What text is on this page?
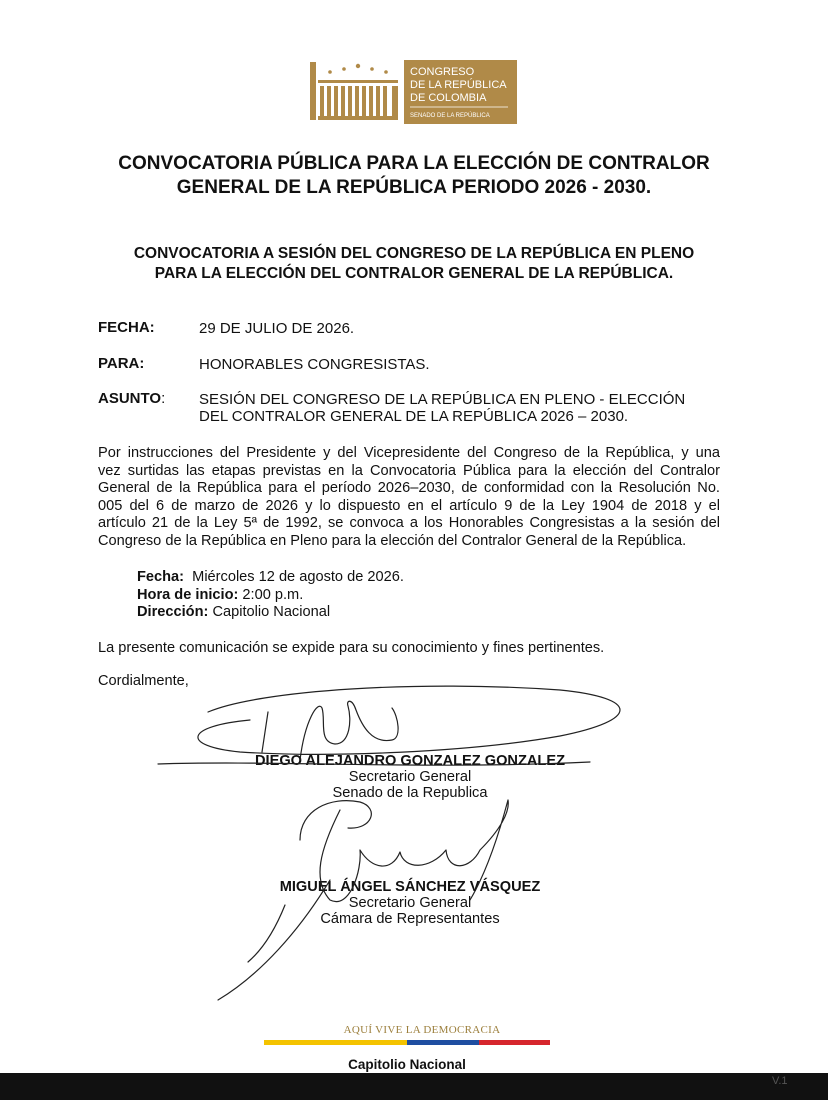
CONGRESO
DE LA REPÚBLICA
DE COLOMBIA
SENADO DE LA REPÚBLICA
CONVOCATORIA PÚBLICA PARA LA ELECCIÓN DE CONTRALOR
GENERAL DE LA REPÚBLICA PERIODO 2026 - 2030.
CONVOCATORIA A SESIÓN DEL CONGRESO DE LA REPÚBLICA EN PLENO
PARA LA ELECCIÓN DEL CONTRALOR GENERAL DE LA REPÚBLICA.
FECHA:	29 DE JULIO DE 2026.
PARA:	HONORABLES CONGRESISTAS.
ASUNTO: SESIÓN DEL CONGRESO DE LA REPÚBLICA EN PLENO - ELECCIÓN
DEL CONTRALOR GENERAL DE LA REPÚBLICA 2026 – 2030.
Por instrucciones del Presidente y del Vicepresidente del Congreso de la República, y una
vez surtidas las etapas previstas en la Convocatoria Pública para la elección del Contralor
General de la República para el período 2026–2030, de conformidad con la Resolución No.
005 del 6 de marzo de 2026 y lo dispuesto en el artículo 9 de la Ley 1904 de 2018 y el
artículo 21 de la Ley 5ª de 1992, se convoca a los Honorables Congresistas a la sesión del
Congreso de la República en Pleno para la elección del Contralor General de la República.
Fecha: Miércoles 12 de agosto de 2026.
Hora de inicio: 2:00 p.m.
Dirección: Capitolio Nacional
La presente comunicación se expide para su conocimiento y fines pertinentes.
Cordialmente,
DIEGO ALEJANDRO GONZALEZ GONZALEZ
Secretario General
Senado de la Republica
MIGUEL ÁNGEL SÁNCHEZ VÁSQUEZ
Secretario General
Cámara de Representantes
AQUÍ VIVE LA DEMOCRACIA
Capitolio Nacional
V.1
